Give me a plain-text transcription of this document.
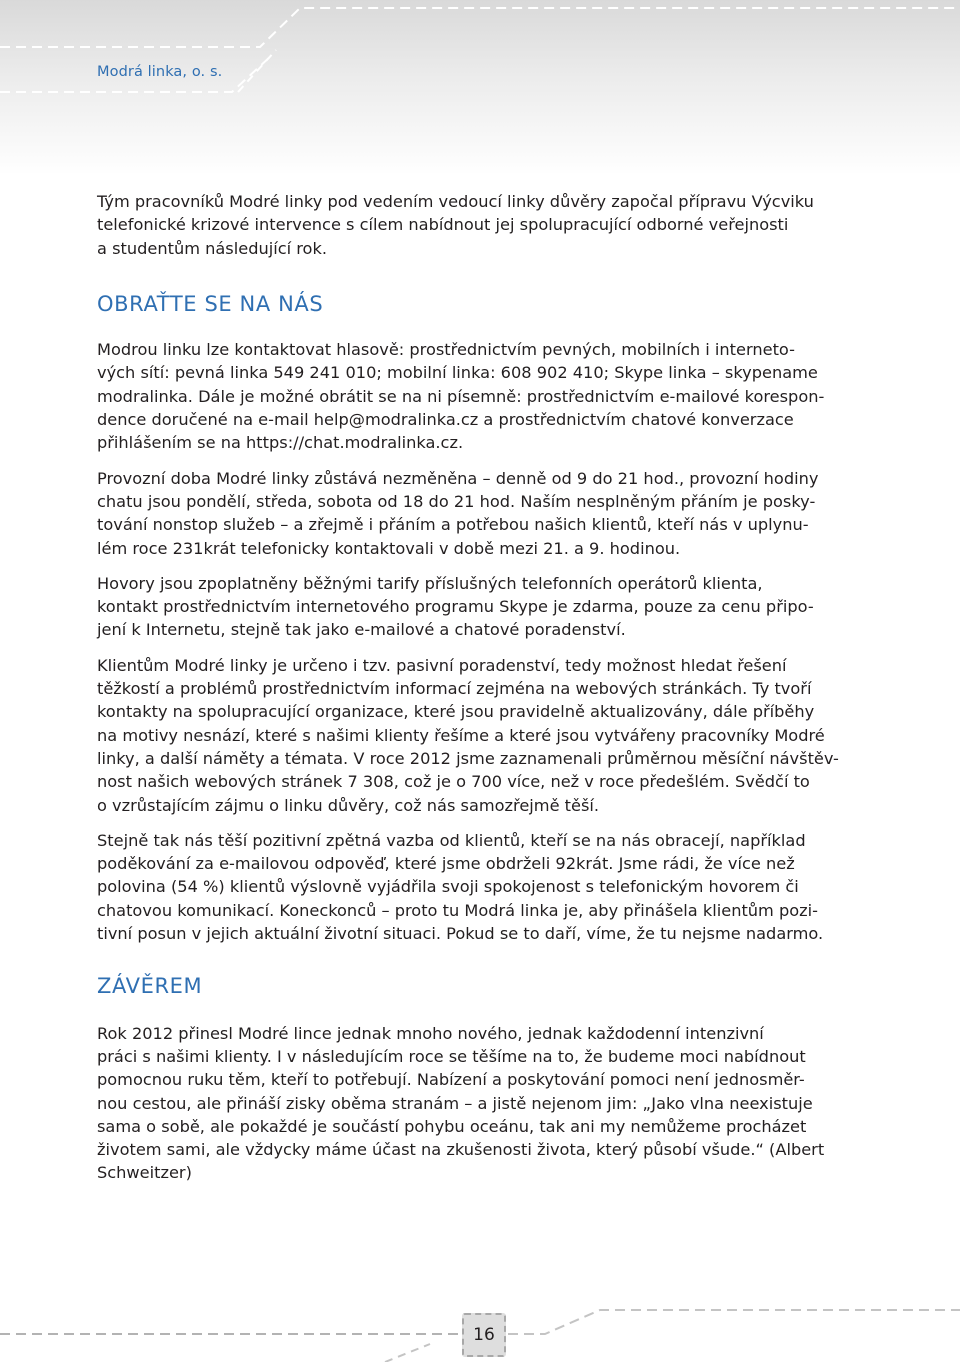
Modrá linka, o. s.

Tým pracovníků Modré linky pod vedením vedoucí linky důvěry započal přípravu Výcviku
telefonické krizové intervence s cílem nabídnout jej spolupracující odborné veřejnosti
a studentům následující rok.

OBRAŤTE SE NA NÁS

Modrou linku lze kontaktovat hlasově: prostřednictvím pevných, mobilních i interneto-
vých sítí: pevná linka 549 241 010; mobilní linka: 608 902 410; Skype linka – skypename
modralinka. Dále je možné obrátit se na ni písemně: prostřednictvím e-mailové korespon-
dence doručené na e-mail help@modralinka.cz a prostřednictvím chatové konverzace
přihlášením se na https://chat.modralinka.cz.

Provozní doba Modré linky zůstává nezměněna – denně od 9 do 21 hod., provozní hodiny
chatu jsou pondělí, středa, sobota od 18 do 21 hod. Naším nesplněným přáním je posky-
tování nonstop služeb – a zřejmě i přáním a potřebou našich klientů, kteří nás v uplynu-
lém roce 231krát telefonicky kontaktovali v době mezi 21. a 9. hodinou.

Hovory jsou zpoplatněny běžnými tarify příslušných telefonních operátorů klienta,
kontakt prostřednictvím internetového programu Skype je zdarma, pouze za cenu připo-
jení k Internetu, stejně tak jako e-mailové a chatové poradenství.

Klientům Modré linky je určeno i tzv. pasivní poradenství, tedy možnost hledat řešení
těžkostí a problémů prostřednictvím informací zejména na webových stránkách. Ty tvoří
kontakty na spolupracující organizace, které jsou pravidelně aktualizovány, dále příběhy
na motivy nesnází, které s našimi klienty řešíme a které jsou vytvářeny pracovníky Modré
linky, a další náměty a témata. V roce 2012 jsme zaznamenali průměrnou měsíční návštěv-
nost našich webových stránek 7 308, což je o 700 více, než v roce předešlém. Svědčí to
o vzrůstajícím zájmu o linku důvěry, což nás samozřejmě těší.

Stejně tak nás těší pozitivní zpětná vazba od klientů, kteří se na nás obracejí, například
poděkování za e-mailovou odpověď, které jsme obdrželi 92krát. Jsme rádi, že více než
polovina (54 %) klientů výslovně vyjádřila svoji spokojenost s telefonickým hovorem či
chatovou komunikací. Koneckonců – proto tu Modrá linka je, aby přinášela klientům pozi-
tivní posun v jejich aktuální životní situaci. Pokud se to daří, víme, že tu nejsme nadarmo.

ZÁVĚREM

Rok 2012 přinesl Modré lince jednak mnoho nového, jednak každodenní intenzivní
práci s našimi klienty. I v následujícím roce se těšíme na to, že budeme moci nabídnout
pomocnou ruku těm, kteří to potřebují. Nabízení a poskytování pomoci není jednosměr-
nou cestou, ale přináší zisky oběma stranám – a jistě nejenom jim: „Jako vlna neexistuje
sama o sobě, ale pokaždé je součástí pohybu oceánu, tak ani my nemůžeme procházet
životem sami, ale vždycky máme účast na zkušenosti života, který působí všude.“ (Albert
Schweitzer)

16
